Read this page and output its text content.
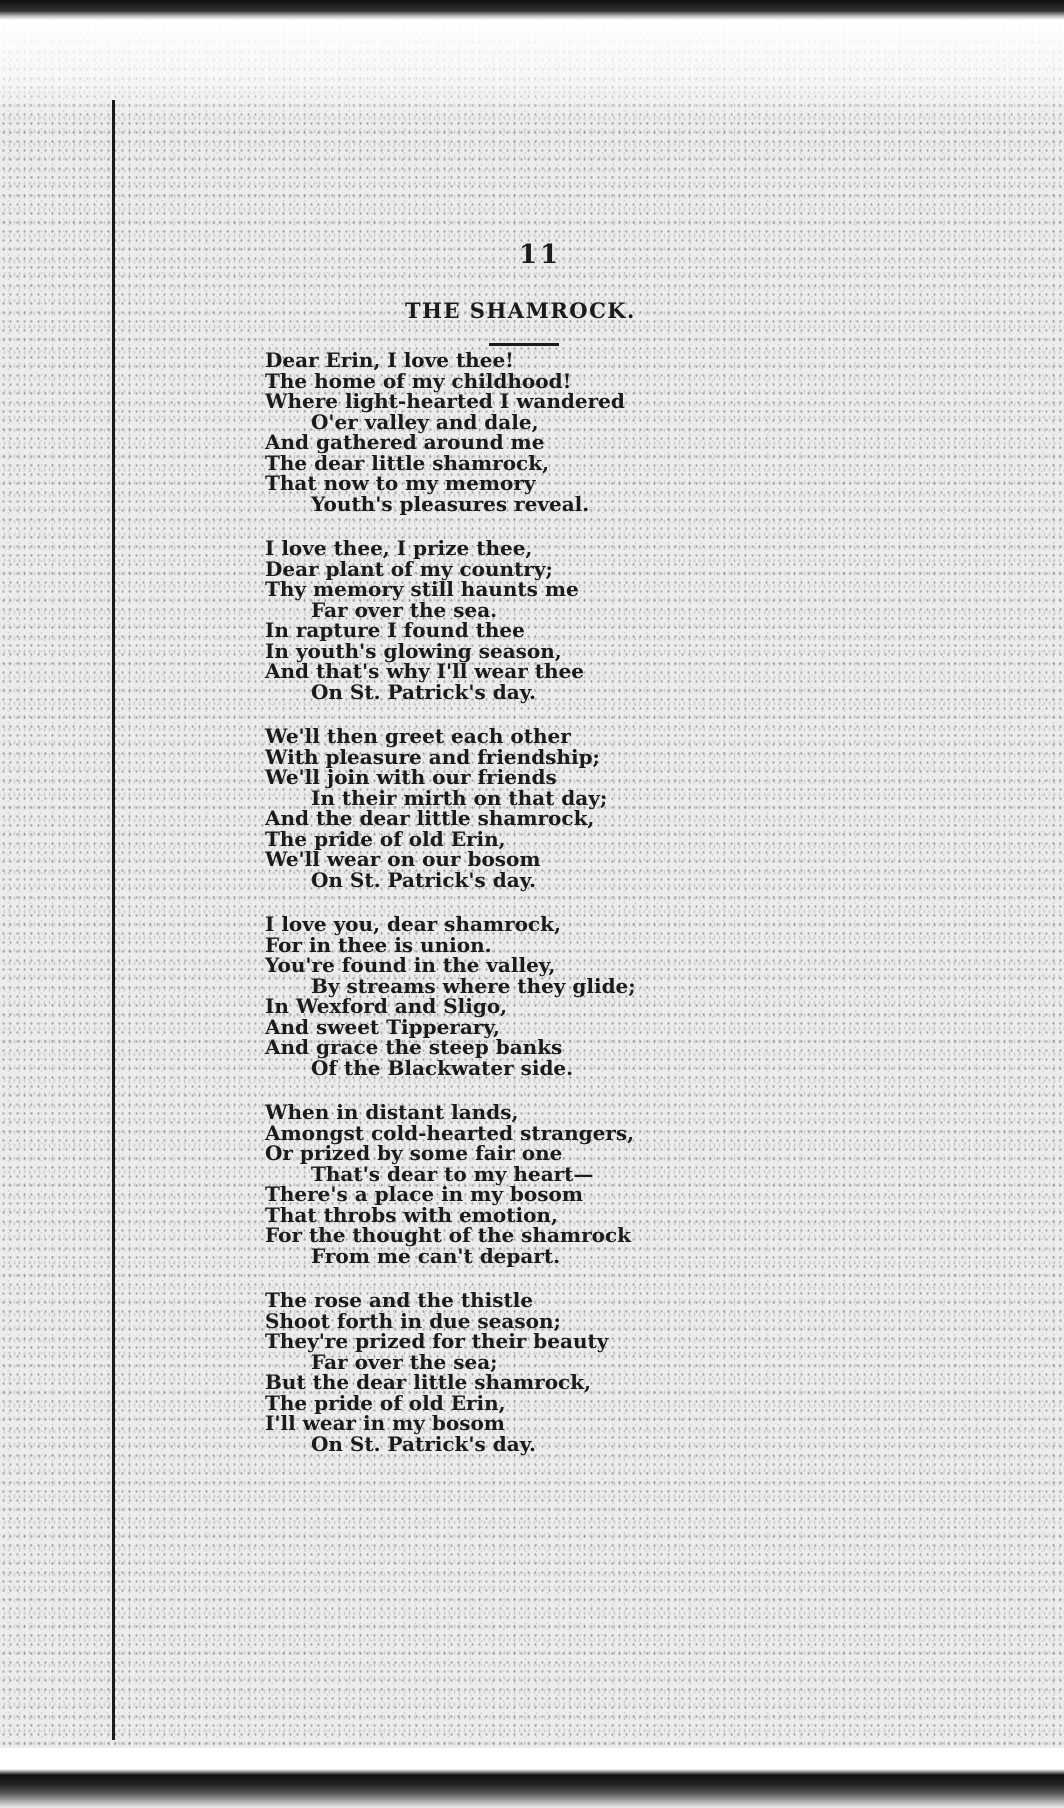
11
THE SHAMROCK.
Dear Erin, I love thee!
The home of my childhood!
Where light-hearted I wandered
O'er valley and dale,
And gathered around me
The dear little shamrock,
That now to my memory
Youth's pleasures reveal.
I love thee, I prize thee,
Dear plant of my country;
Thy memory still haunts me
Far over the sea.
In rapture I found thee
In youth's glowing season,
And that's why I'll wear thee
On St. Patrick's day.
We'll then greet each other
With pleasure and friendship;
We'll join with our friends
In their mirth on that day;
And the dear little shamrock,
The pride of old Erin,
We'll wear on our bosom
On St. Patrick's day.
I love you, dear shamrock,
For in thee is union.
You're found in the valley,
By streams where they glide;
In Wexford and Sligo,
And sweet Tipperary,
And grace the steep banks
Of the Blackwater side.
When in distant lands,
Amongst cold-hearted strangers,
Or prized by some fair one
That's dear to my heart—
There's a place in my bosom
That throbs with emotion,
For the thought of the shamrock
From me can't depart.
The rose and the thistle
Shoot forth in due season;
They're prized for their beauty
Far over the sea;
But the dear little shamrock,
The pride of old Erin,
I'll wear in my bosom
On St. Patrick's day.
